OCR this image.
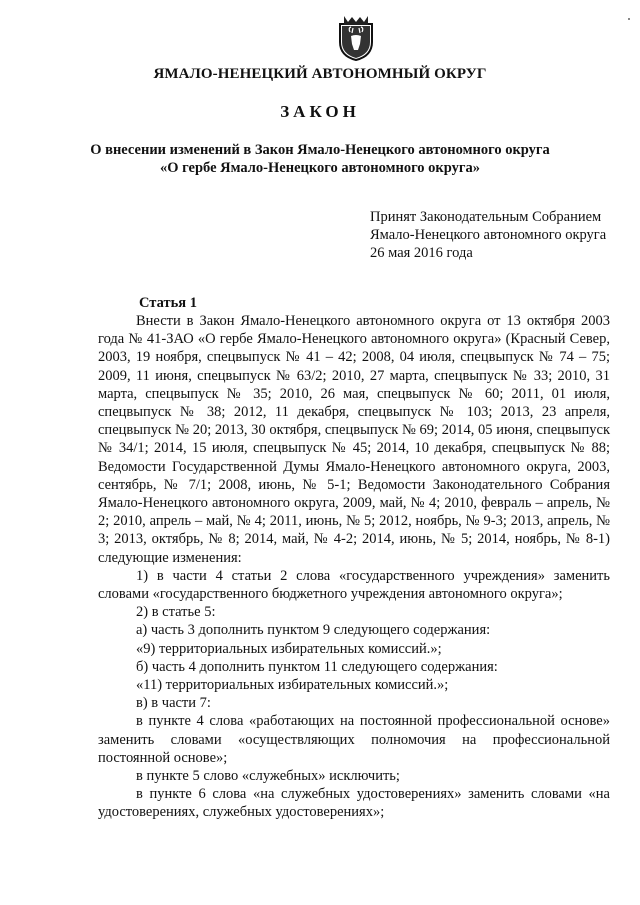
ЯМАЛО-НЕНЕЦКИЙ АВТОНОМНЫЙ ОКРУГ
ЗАКОН
О внесении изменений в Закон Ямало-Ненецкого автономного округа
«О гербе Ямало-Ненецкого автономного округа»
Принят Законодательным Собранием
Ямало-Ненецкого автономного округа
26 мая 2016 года
Статья 1

Внести в Закон Ямало-Ненецкого автономного округа от 13 октября 2003 года № 41-ЗАО «О гербе Ямало-Ненецкого автономного округа» (Красный Север, 2003, 19 ноября, спецвыпуск № 41 – 42; 2008, 04 июля, спецвыпуск № 74 – 75; 2009, 11 июня, спецвыпуск № 63/2; 2010, 27 марта, спецвыпуск № 33; 2010, 31 марта, спецвыпуск № 35; 2010, 26 мая, спецвыпуск № 60; 2011, 01 июля, спецвыпуск № 38; 2012, 11 декабря, спецвыпуск № 103; 2013, 23 апреля, спецвыпуск № 20; 2013, 30 октября, спецвыпуск № 69; 2014, 05 июня, спецвыпуск № 34/1; 2014, 15 июля, спецвыпуск № 45; 2014, 10 декабря, спецвыпуск № 88; Ведомости Государственной Думы Ямало-Ненецкого автономного округа, 2003, сентябрь, № 7/1; 2008, июнь, № 5-1; Ведомости Законодательного Собрания Ямало-Ненецкого автономного округа, 2009, май, № 4; 2010, февраль – апрель, № 2; 2010, апрель – май, № 4; 2011, июнь, № 5; 2012, ноябрь, № 9-3; 2013, апрель, № 3; 2013, октябрь, № 8; 2014, май, № 4-2; 2014, июнь, № 5; 2014, ноябрь, № 8-1) следующие изменения:

1) в части 4 статьи 2 слова «государственного учреждения» заменить словами «государственного бюджетного учреждения автономного округа»;

2) в статье 5:

а) часть 3 дополнить пунктом 9 следующего содержания:

«9) территориальных избирательных комиссий.»;

б) часть 4 дополнить пунктом 11 следующего содержания:

«11) территориальных избирательных комиссий.»;

в) в части 7:

в пункте 4 слова «работающих на постоянной профессиональной основе» заменить словами «осуществляющих полномочия на профессиональной постоянной основе»;

в пункте 5 слово «служебных» исключить;

в пункте 6 слова «на служебных удостоверениях» заменить словами «на удостоверениях, служебных удостоверениях»;
